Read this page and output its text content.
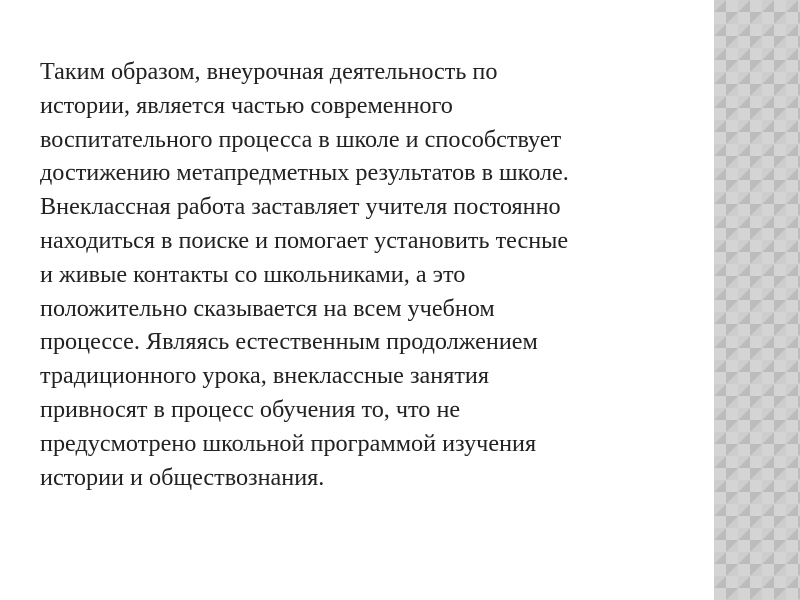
Таким образом, внеурочная деятельность по
истории, является частью современного
воспитательного процесса в школе и способствует
достижению метапредметных результатов в школе.
Внеклассная работа заставляет учителя постоянно
находиться в поиске и помогает установить тесные
и живые контакты со школьниками, а это
положительно сказывается на всем учебном
процессе. Являясь естественным продолжением
традиционного урока, внеклассные занятия
привносят в процесс обучения то, что не
предусмотрено школьной программой изучения
истории и обществознания.
